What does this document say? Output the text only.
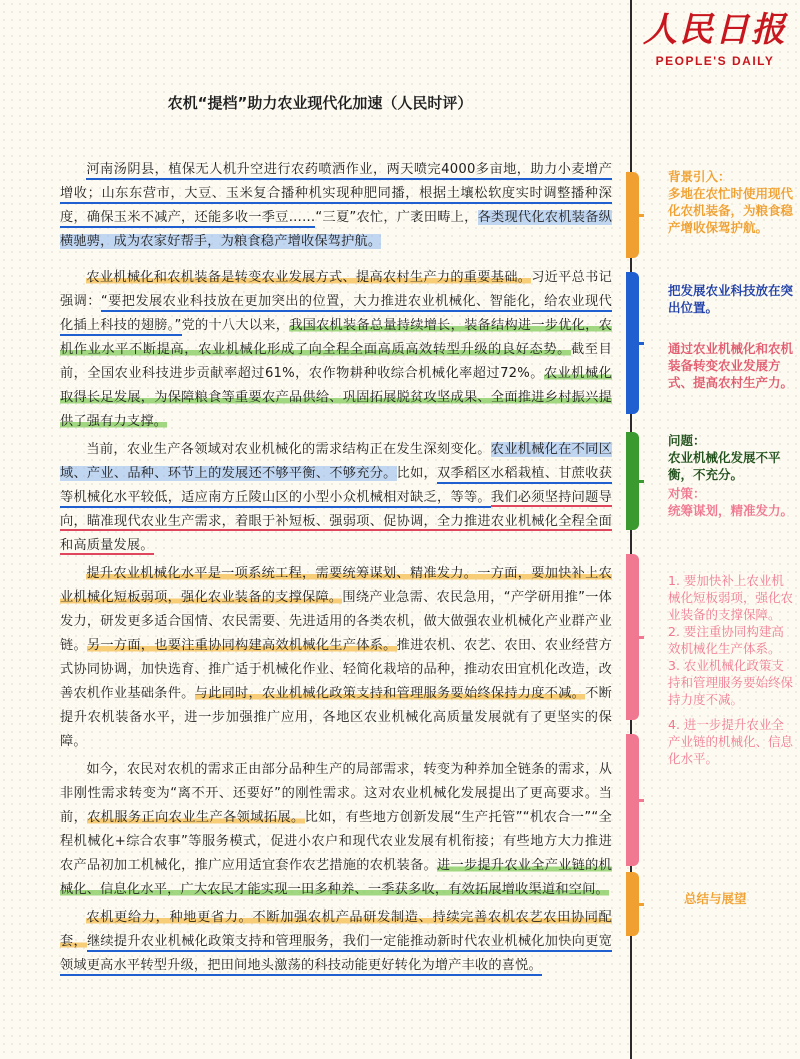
人民日报
PEOPLE'S DAILY
农机“提档”助力农业现代化加速（人民时评）

河南汤阴县，植保无人机升空进行农药喷洒作业，两天喷完4000多亩地，助力小麦增产增收；山东东营市，大豆、玉米复合播种机实现种肥同播，根据土壤松软度实时调整播种深度，确保玉米不减产，还能多收一季豆……“三夏”农忙，广袤田畴上，各类现代化农机装备纵横驰骋，成为农家好帮手，为粮食稳产增收保驾护航。

农业机械化和农机装备是转变农业发展方式、提高农村生产力的重要基础。习近平总书记强调：“要把发展农业科技放在更加突出的位置，大力推进农业机械化、智能化，给农业现代化插上科技的翅膀。”党的十八大以来，我国农机装备总量持续增长，装备结构进一步优化，农机作业水平不断提高，农业机械化形成了向全程全面高质高效转型升级的良好态势。截至目前，全国农业科技进步贡献率超过61%，农作物耕种收综合机械化率超过72%。农业机械化取得长足发展，为保障粮食等重要农产品供给、巩固拓展脱贫攻坚成果、全面推进乡村振兴提供了强有力支撑。

当前，农业生产各领域对农业机械化的需求结构正在发生深刻变化。农业机械化在不同区域、产业、品种、环节上的发展还不够平衡、不够充分。比如，双季稻区水稻栽植、甘蔗收获等机械化水平较低，适应南方丘陵山区的小型小众机械相对缺乏，等等。我们必须坚持问题导向，瞄准现代农业生产需求，着眼于补短板、强弱项、促协调，全力推进农业机械化全程全面和高质量发展。

提升农业机械化水平是一项系统工程，需要统筹谋划、精准发力。一方面，要加快补上农业机械化短板弱项，强化农业装备的支撑保障。围绕产业急需、农民急用，“产学研用推”一体发力，研发更多适合国情、农民需要、先进适用的各类农机，做大做强农业机械化产业群产业链。另一方面，也要注重协同构建高效机械化生产体系。推进农机、农艺、农田、农业经营方式协同协调，加快选育、推广适于机械化作业、轻简化栽培的品种，推动农田宜机化改造，改善农机作业基础条件。与此同时，农业机械化政策支持和管理服务要始终保持力度不减。不断提升农机装备水平，进一步加强推广应用，各地区农业机械化高质量发展就有了更坚实的保障。

如今，农民对农机的需求正由部分品种生产的局部需求，转变为种养加全链条的需求，从非刚性需求转变为“离不开、还要好”的刚性需求。这对农业机械化发展提出了更高要求。当前，农机服务正向农业生产各领域拓展。比如，有些地方创新发展“生产托管”“机农合一”“全程机械化+综合农事”等服务模式，促进小农户和现代农业发展有机衔接；有些地方大力推进农产品初加工机械化，推广应用适宜套作农艺措施的农机装备。进一步提升农业全产业链的机械化、信息化水平，广大农民才能实现一田多种养、一季获多收，有效拓展增收渠道和空间。

农机更给力，种地更省力。不断加强农机产品研发制造、持续完善农机农艺农田协同配套，继续提升农业机械化政策支持和管理服务，我们一定能推动新时代农业机械化加快向更宽领域更高水平转型升级，把田间地头激荡的科技动能更好转化为增产丰收的喜悦。

背景引入：
多地在农忙时使用现代化农机装备，为粮食稳产增收保驾护航。
把发展农业科技放在突出位置。
通过农业机械化和农机装备转变农业发展方式、提高农村生产力。
问题：
农业机械化发展不平衡，不充分。
对策：
统筹谋划，精准发力。
1. 要加快补上农业机械化短板弱项，强化农业装备的支撑保障。
2. 要注重协同构建高效机械化生产体系。
3. 农业机械化政策支持和管理服务要始终保持力度不减。
4. 进一步提升农业全产业链的机械化、信息化水平。
总结与展望
